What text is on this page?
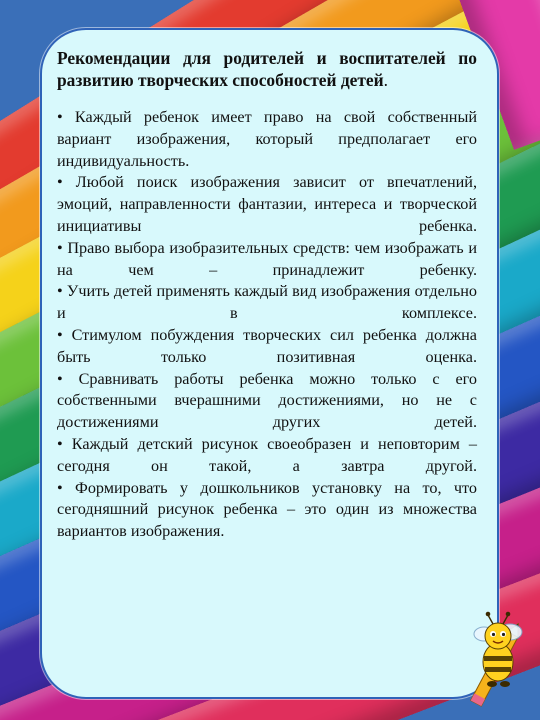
Рекомендации для родителей и воспитателей по развитию творческих способностей детей.

• Каждый ребенок имеет право на свой собственный вариант изображения, который предполагает его индивидуальность.

• Любой поиск изображения зависит от впечатлений, эмоций, направленности фантазии, интереса и творческой инициативы ребенка.

• Право выбора изобразительных средств: чем изображать и на чем – принадлежит ребенку.

• Учить детей применять каждый вид изображения отдельно и в комплексе.

• Стимулом побуждения творческих сил ребенка должна быть только позитивная оценка.

• Сравнивать работы ребенка можно только с его собственными вчерашними достижениями, но не с достижениями других детей.

• Каждый детский рисунок своеобразен и неповторим – сегодня он такой, а завтра другой.

• Формировать у дошкольников установку на то, что сегодняшний рисунок ребенка – это один из множества вариантов изображения.
